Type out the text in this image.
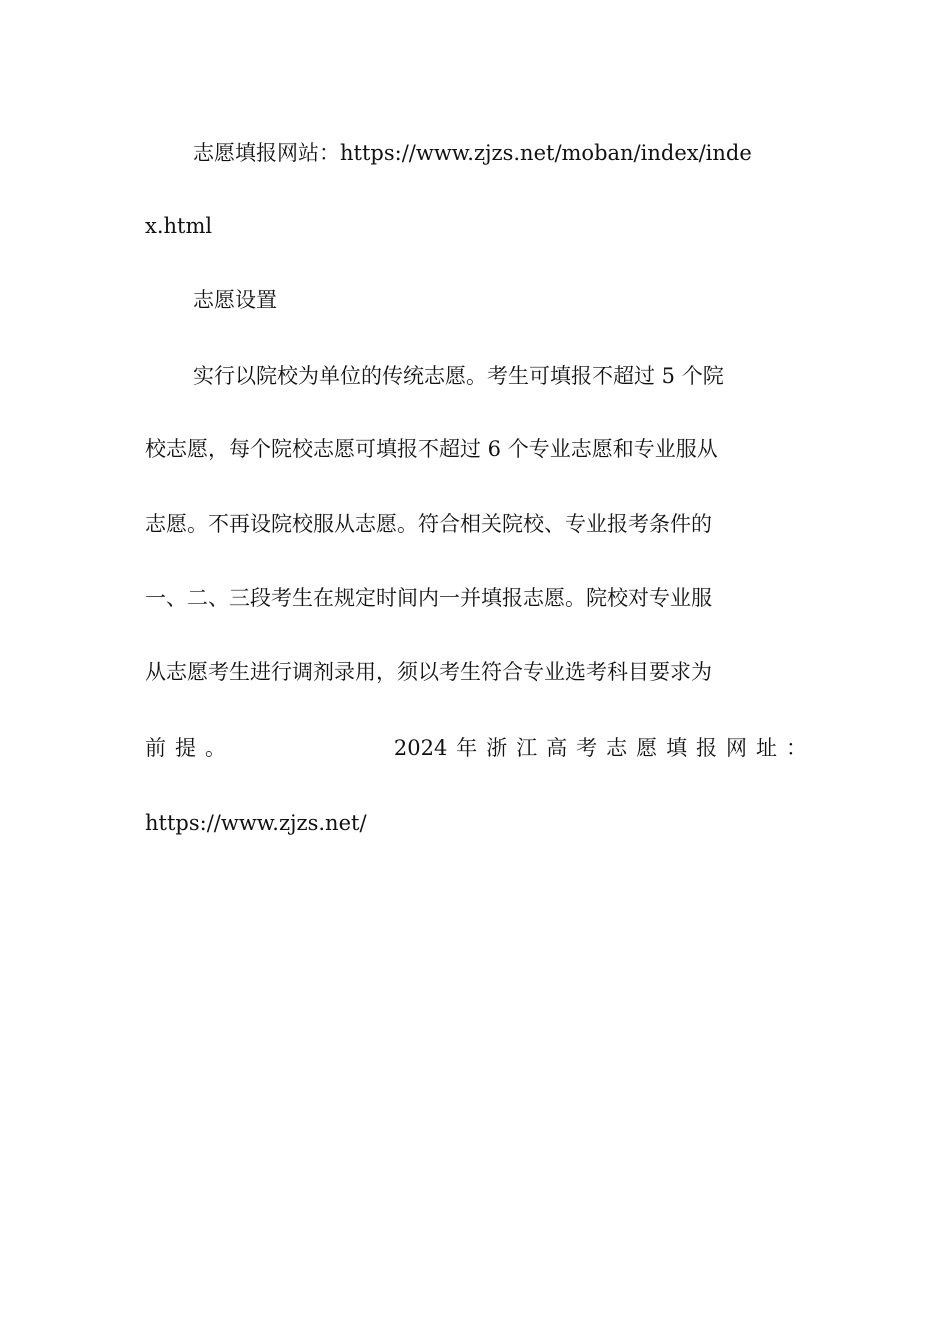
志愿填报网站：https://www.zjzs.net/moban/index/inde
x.html
志愿设置
实行以院校为单位的传统志愿。考生可填报不超过 5 个院
校志愿，每个院校志愿可填报不超过 6 个专业志愿和专业服从
志愿。不再设院校服从志愿。符合相关院校、专业报考条件的
一、二、三段考生在规定时间内一并填报志愿。院校对专业服
从志愿考生进行调剂录用，须以考生符合专业选考科目要求为
前 提 。	2024 年 浙 江 高 考 志 愿 填 报 网 址 ：
https://www.zjzs.net/
